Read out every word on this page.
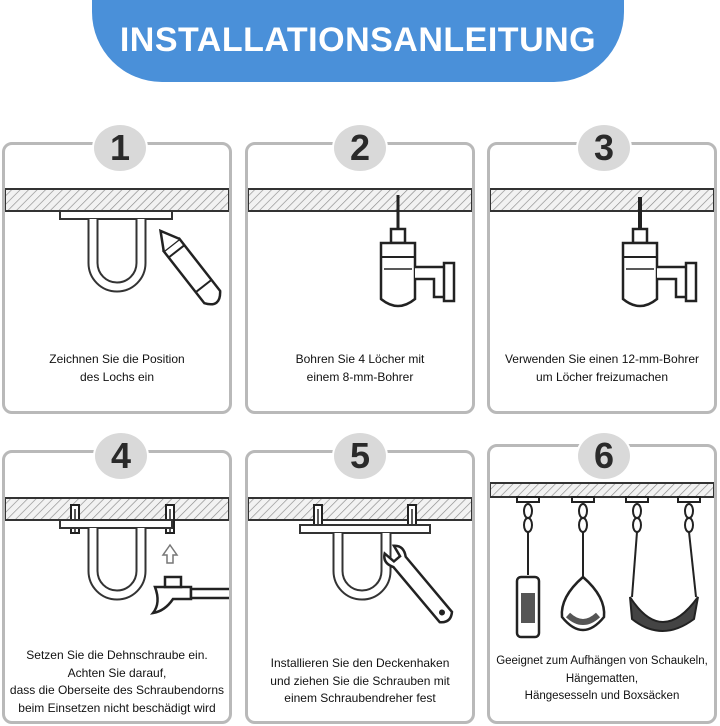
INSTALLATIONSANLEITUNG
1
Zeichnen Sie die Position
des Lochs ein
2
Bohren Sie 4 Löcher mit
einem 8-mm-Bohrer
3
Verwenden Sie einen 12-mm-Bohrer
um Löcher freizumachen
4
Setzen Sie die Dehnschraube ein.
Achten Sie darauf,
dass die Oberseite des Schraubendorns
beim Einsetzen nicht beschädigt wird
5
Installieren Sie den Deckenhaken
und ziehen Sie die Schrauben mit
einem Schraubendreher fest
6
Geeignet zum Aufhängen von Schaukeln,
Hängematten,
Hängesesseln und Boxsäcken
